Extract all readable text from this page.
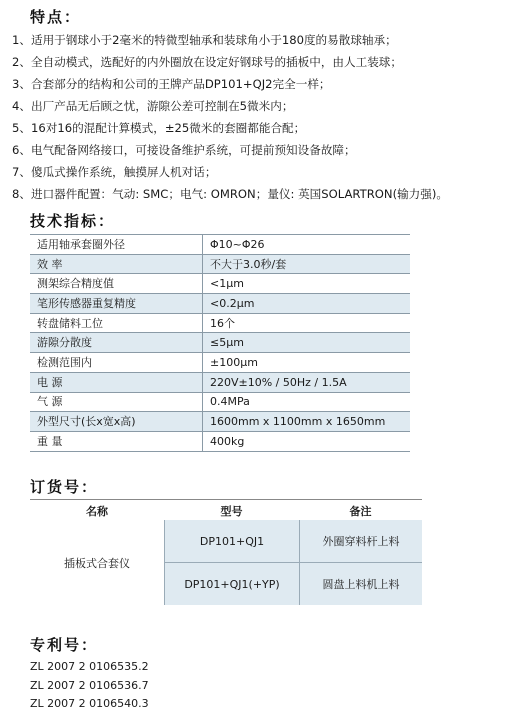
特点：
1、适用于钢球小于2毫米的特微型轴承和装球角小于180度的易散球轴承；
2、全自动模式，选配好的内外圈放在设定好钢球号的插板中，由人工装球；
3、合套部分的结构和公司的王牌产品DP101+QJ2完全一样；
4、出厂产品无后顾之忧，游隙公差可控制在5微米内；
5、16对16的混配计算模式，±25微米的套圈都能合配；
6、电气配备网络接口，可接设备维护系统，可提前预知设备故障；
7、傻瓜式操作系统，触摸屏人机对话；
8、进口器件配置：气动: SMC；电气: OMRON；量仪: 英国SOLARTRON(输力强)。
技术指标：
适用轴承套圈外径	Φ10~Φ26
效 率	不大于3.0秒/套
测架综合精度值	<1μm
笔形传感器重复精度	<0.2μm
转盘储料工位	16个
游隙分散度	≤5μm
检测范围内	±100μm
电 源	220V±10% / 50Hz / 1.5A
气 源	0.4MPa
外型尺寸(长x宽x高)	1600mm x 1100mm x 1650mm
重 量	400kg
订货号：
名称	型号	备注
插板式合套仪
DP101+QJ1	外圈穿料杆上料
DP101+QJ1(+YP)	圆盘上料机上料
专利号：
ZL 2007 2 0106535.2
ZL 2007 2 0106536.7
ZL 2007 2 0106540.3
